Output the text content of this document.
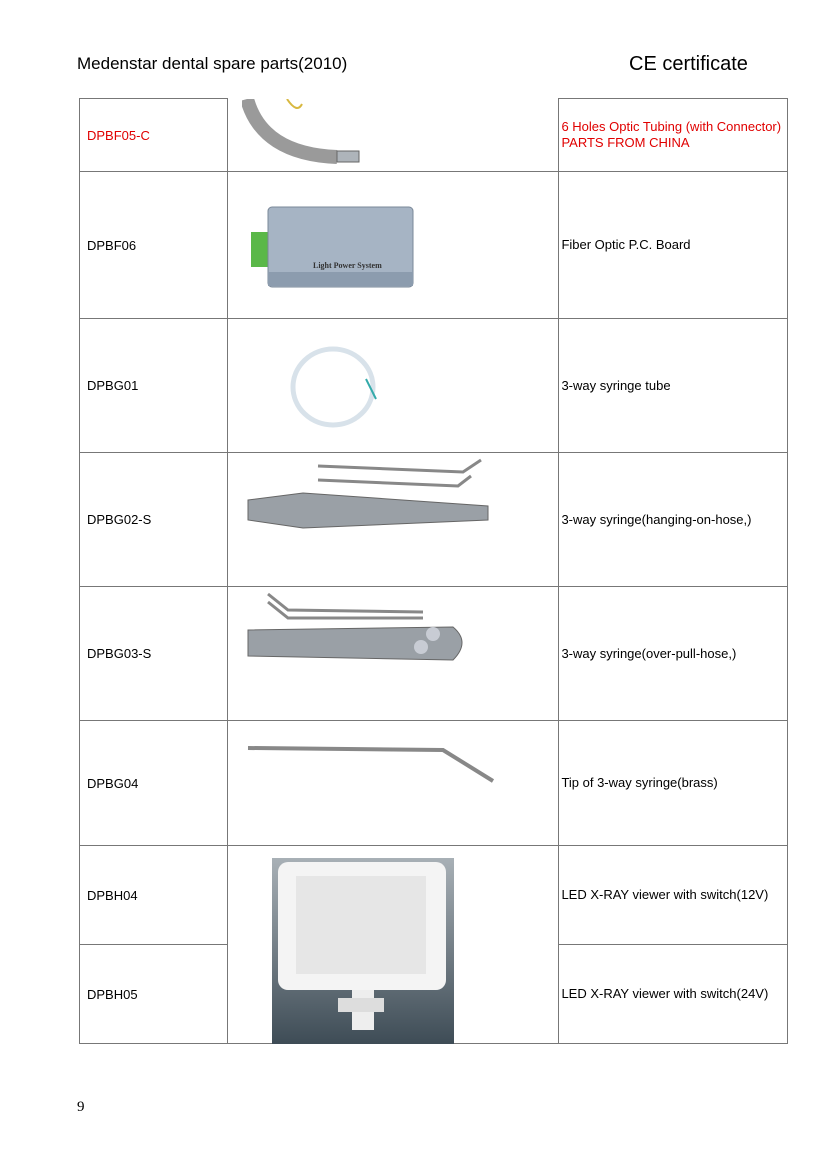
Medenstar dental spare parts(2010)	CE certificate
DPBF05-C		6 Holes Optic Tubing (with Connector) PARTS FROM CHINA
DPBF06	Light Power System	Fiber Optic P.C. Board
DPBG01		3-way syringe tube
DPBG02-S		3-way syringe(hanging-on-hose,)
DPBG03-S		3-way syringe(over-pull-hose,)
DPBG04		Tip of 3-way syringe(brass)
DPBH04		LED X-RAY viewer with switch(12V)
DPBH05		LED X-RAY viewer with switch(24V)
9
